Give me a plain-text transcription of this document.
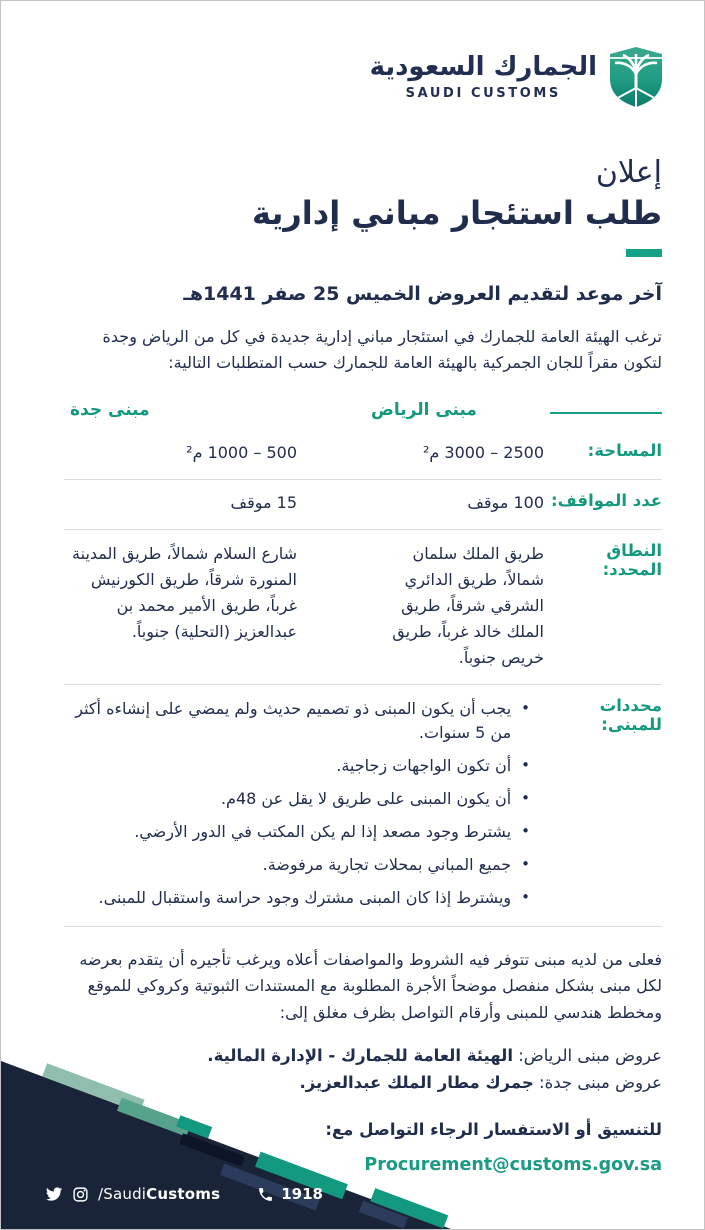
الجمارك السعودية
SAUDI CUSTOMS
إعلان
طلب استئجار مباني إدارية

آخر موعد لتقديم العروض الخميس 25 صفر 1441هـ

ترغب الهيئة العامة للجمارك في استئجار مباني إدارية جديدة في كل من الرياض وجدة لتكون مقراً للجان الجمركية بالهيئة العامة للجمارك حسب المتطلبات التالية:

مبنى الرياض
مبنى جدة
المساحة:
2500 – 3000 م²
500 – 1000 م²
عدد المواقف:
100 موقف
15 موقف
النطاق المحدد:
طريق الملك سلمان شمالاً، طريق الدائري الشرقي شرقاً، طريق الملك خالد غرباً، طريق خريص جنوباً.
شارع السلام شمالاً، طريق المدينة المنورة شرقاً، طريق الكورنيش غرباً، طريق الأمير محمد بن عبدالعزيز (التحلية) جنوباً.
محددات للمبنى:
•
يجب أن يكون المبنى ذو تصميم حديث ولم يمضي على إنشاءه أكثر من 5 سنوات.
•
أن تكون الواجهات زجاجية.
•
أن يكون المبنى على طريق لا يقل عن 48م.
•
يشترط وجود مصعد إذا لم يكن المكتب في الدور الأرضي.
•
جميع المباني بمحلات تجارية مرفوضة.
•
ويشترط إذا كان المبنى مشترك وجود حراسة واستقبال للمبنى.

فعلى من لديه مبنى تتوفر فيه الشروط والمواصفات أعلاه ويرغب تأجيره أن يتقدم بعرضه لكل مبنى بشكل منفصل موضحاً الأجرة المطلوبة مع المستندات الثبوتية وكروكي للموقع ومخطط هندسي للمبنى وأرقام التواصل بظرف مغلق إلى:

عروض مبنى الرياض: الهيئة العامة للجمارك - الإدارة المالية.
عروض مبنى جدة: جمرك مطار الملك عبدالعزيز.

للتنسيق أو الاستفسار الرجاء التواصل مع:

Procurement@customs.gov.sa
/SaudiCustoms	1918
